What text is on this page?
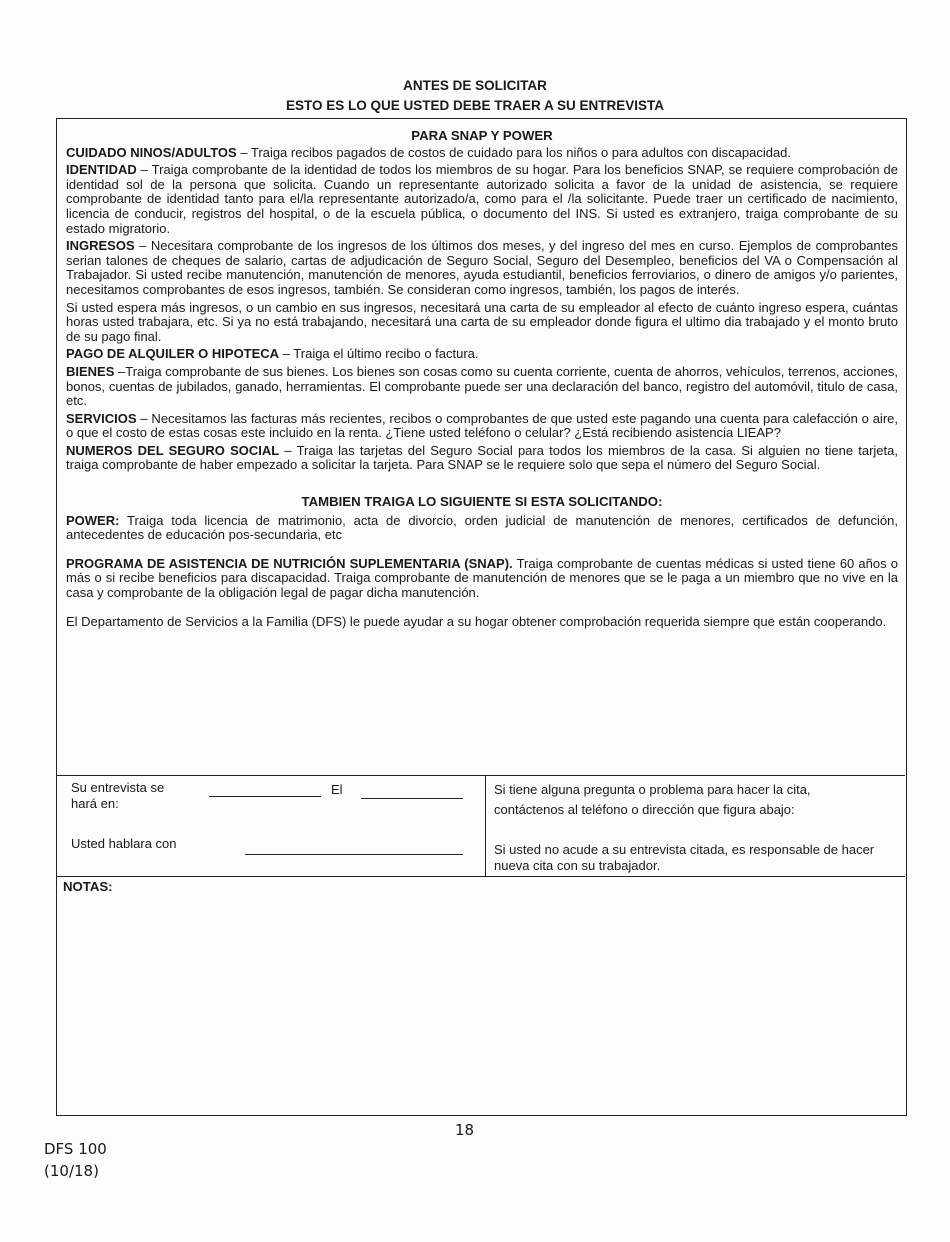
ANTES DE SOLICITAR
ESTO ES LO QUE USTED DEBE TRAER A SU ENTREVISTA
PARA SNAP Y POWER

CUIDADO NINOS/ADULTOS – Traiga recibos pagados de costos de cuidado para los niños o para adultos con discapacidad.

IDENTIDAD – Traiga comprobante de la identidad de todos los miembros de su hogar. Para los beneficios SNAP, se requiere comprobación de identidad sol de la persona que solicita. Cuando un representante autorizado solicita a favor de la unidad de asistencia, se requiere comprobante de identidad tanto para el/la representante autorizado/a, como para el /la solicitante. Puede traer un certificado de nacimiento, licencia de conducir, registros del hospital, o de la escuela pública, o documento del INS. Si usted es extranjero, traiga comprobante de su estado migratorio.

INGRESOS – Necesitara comprobante de los ingresos de los últimos dos meses, y del ingreso del mes en curso. Ejemplos de comprobantes serian talones de cheques de salario, cartas de adjudicación de Seguro Social, Seguro del Desempleo, beneficios del VA o Compensación al Trabajador. Si usted recibe manutención, manutención de menores, ayuda estudiantil, beneficios ferroviarios, o dinero de amigos y/o parientes, necesitamos comprobantes de esos ingresos, también. Se consideran como ingresos, también, los pagos de interés.

Si usted espera más ingresos, o un cambio en sus ingresos, necesitará una carta de su empleador al efecto de cuánto ingreso espera, cuántas horas usted trabajara, etc. Si ya no está trabajando, necesitará una carta de su empleador donde figura el ultimo dia trabajado y el monto bruto de su pago final.

PAGO DE ALQUILER O HIPOTECA – Traiga el último recibo o factura.

BIENES –Traiga comprobante de sus bienes. Los bienes son cosas como su cuenta corriente, cuenta de ahorros, vehículos, terrenos, acciones, bonos, cuentas de jubilados, ganado, herramientas. El comprobante puede ser una declaración del banco, registro del automóvil, titulo de casa, etc.

SERVICIOS – Necesitamos las facturas más recientes, recibos o comprobantes de que usted este pagando una cuenta para calefacción o aire, o que el costo de estas cosas este incluido en la renta. ¿Tiene usted teléfono o celular? ¿Está recibiendo asistencia LIEAP?

NUMEROS DEL SEGURO SOCIAL – Traiga las tarjetas del Seguro Social para todos los miembros de la casa. Si alguien no tiene tarjeta, traiga comprobante de haber empezado a solicitar la tarjeta. Para SNAP se le requiere solo que sepa el número del Seguro Social.

TAMBIEN TRAIGA LO SIGUIENTE SI ESTA SOLICITANDO:

POWER: Traiga toda licencia de matrimonio, acta de divorcio, orden judicial de manutención de menores, certificados de defunción, antecedentes de educación pos-secundaria, etc

PROGRAMA DE ASISTENCIA DE NUTRICIÓN SUPLEMENTARIA (SNAP). Traiga comprobante de cuentas médicas si usted tiene 60 años o más o si recibe beneficios para discapacidad. Traiga comprobante de manutención de menores que se le paga a un miembro que no vive en la casa y comprobante de la obligación legal de pagar dicha manutención.

El Departamento de Servicios a la Familia (DFS) le puede ayudar a su hogar obtener comprobación requerida siempre que están cooperando.

Su entrevista se hará en:
El
Usted hablara con
Si tiene alguna pregunta o problema para hacer la cita, contáctenos al teléfono o dirección que figura abajo:
Si usted no acude a su entrevista citada, es responsable de hacer nueva cita con su trabajador.
NOTAS:
18
DFS 100
(10/18)
